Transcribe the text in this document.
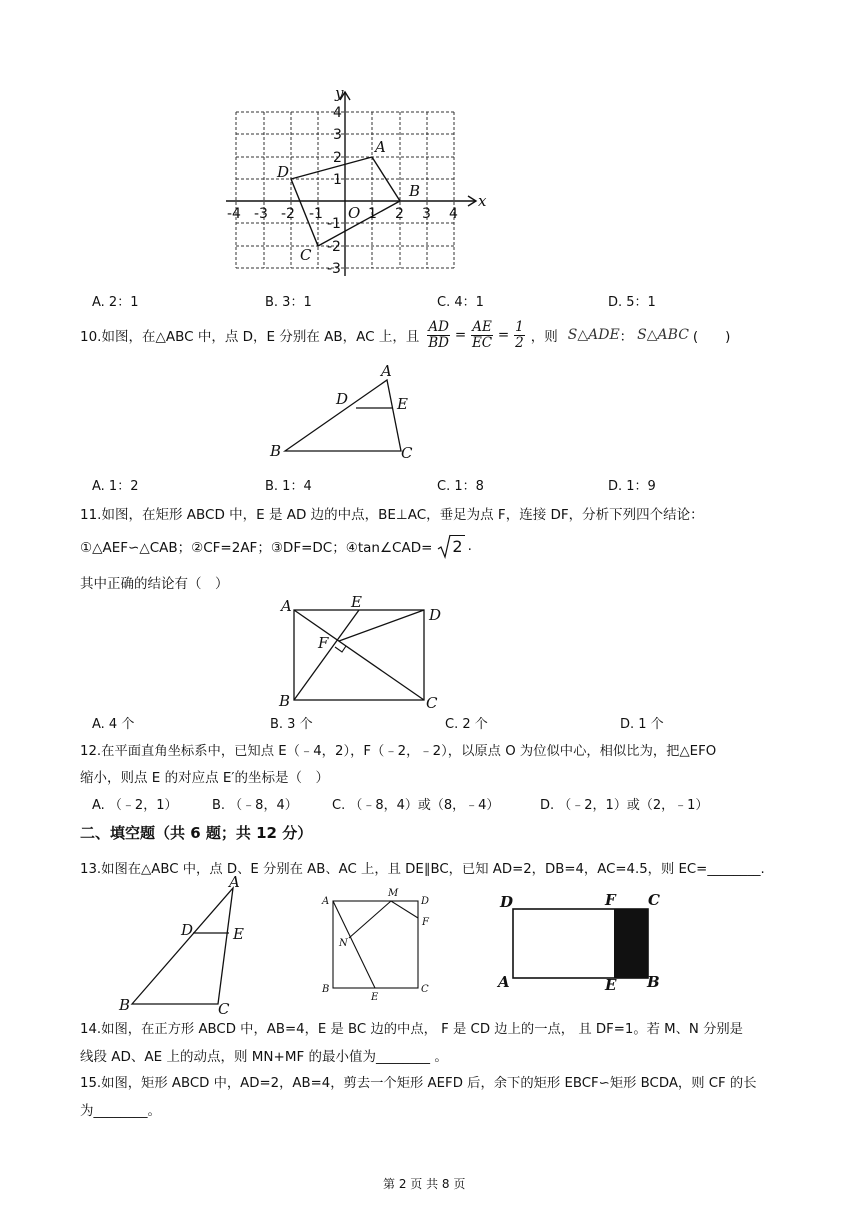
x
y
O
-4 -3 -2 -1	1 2 3 4
4
3
2
1
-1
-2
-3
A
B
C
D
A. 2：1	B. 3：1	C. 4：1	D. 5：1
10.如图，在△ABC 中，点 D，E 分别在 AB，AC 上，且 $\frac{AD}{BD} = \frac{AE}{EC} = \frac{1}{2}$ ，则 S△ADE ： S△ABC (　　)
A
D	E
B	C
A. 1：2	B. 1：4	C. 1：8	D. 1：9
11.如图，在矩形 ABCD 中，E 是 AD 边的中点，BE⊥AC，垂足为点 F，连接 DF，分析下列四个结论：
①△AEF∽△CAB；②CF=2AF；③DF=DC；④tan∠CAD= 2 .
其中正确的结论有（　）
A	E
D
F
B	C
A. 4 个	B. 3 个	C. 2 个	D. 1 个
12.在平面直角坐标系中，已知点 E（﹣4，2），F（﹣2，﹣2），以原点 O 为位似中心，相似比为，把△EFO
缩小，则点 E 的对应点 E′的坐标是（　）
A. （﹣2，1）	B. （﹣8，4）	C. （﹣8，4）或（8，﹣4）	D. （﹣2，1）或（2，﹣1）
二、填空题（共 6 题；共 12 分）
13.如图在△ABC 中，点 D、E 分别在 AB、AC 上，且 DE∥BC，已知 AD=2，DB=4，AC=4.5，则 EC=________.
A
D	E
B	C
A
M
D
F
N
B
E
C
D	F C
A	E B
14.如图，在正方形 ABCD 中，AB=4，E 是 BC 边的中点， F 是 CD 边上的一点， 且 DF=1。若 M、N 分别是
线段 AD、AE 上的动点，则 MN+MF 的最小值为________ 。
15.如图，矩形 ABCD 中，AD=2，AB=4，剪去一个矩形 AEFD 后，余下的矩形 EBCF∽矩形 BCDA，则 CF 的长
为________。
第 2 页 共 8 页
